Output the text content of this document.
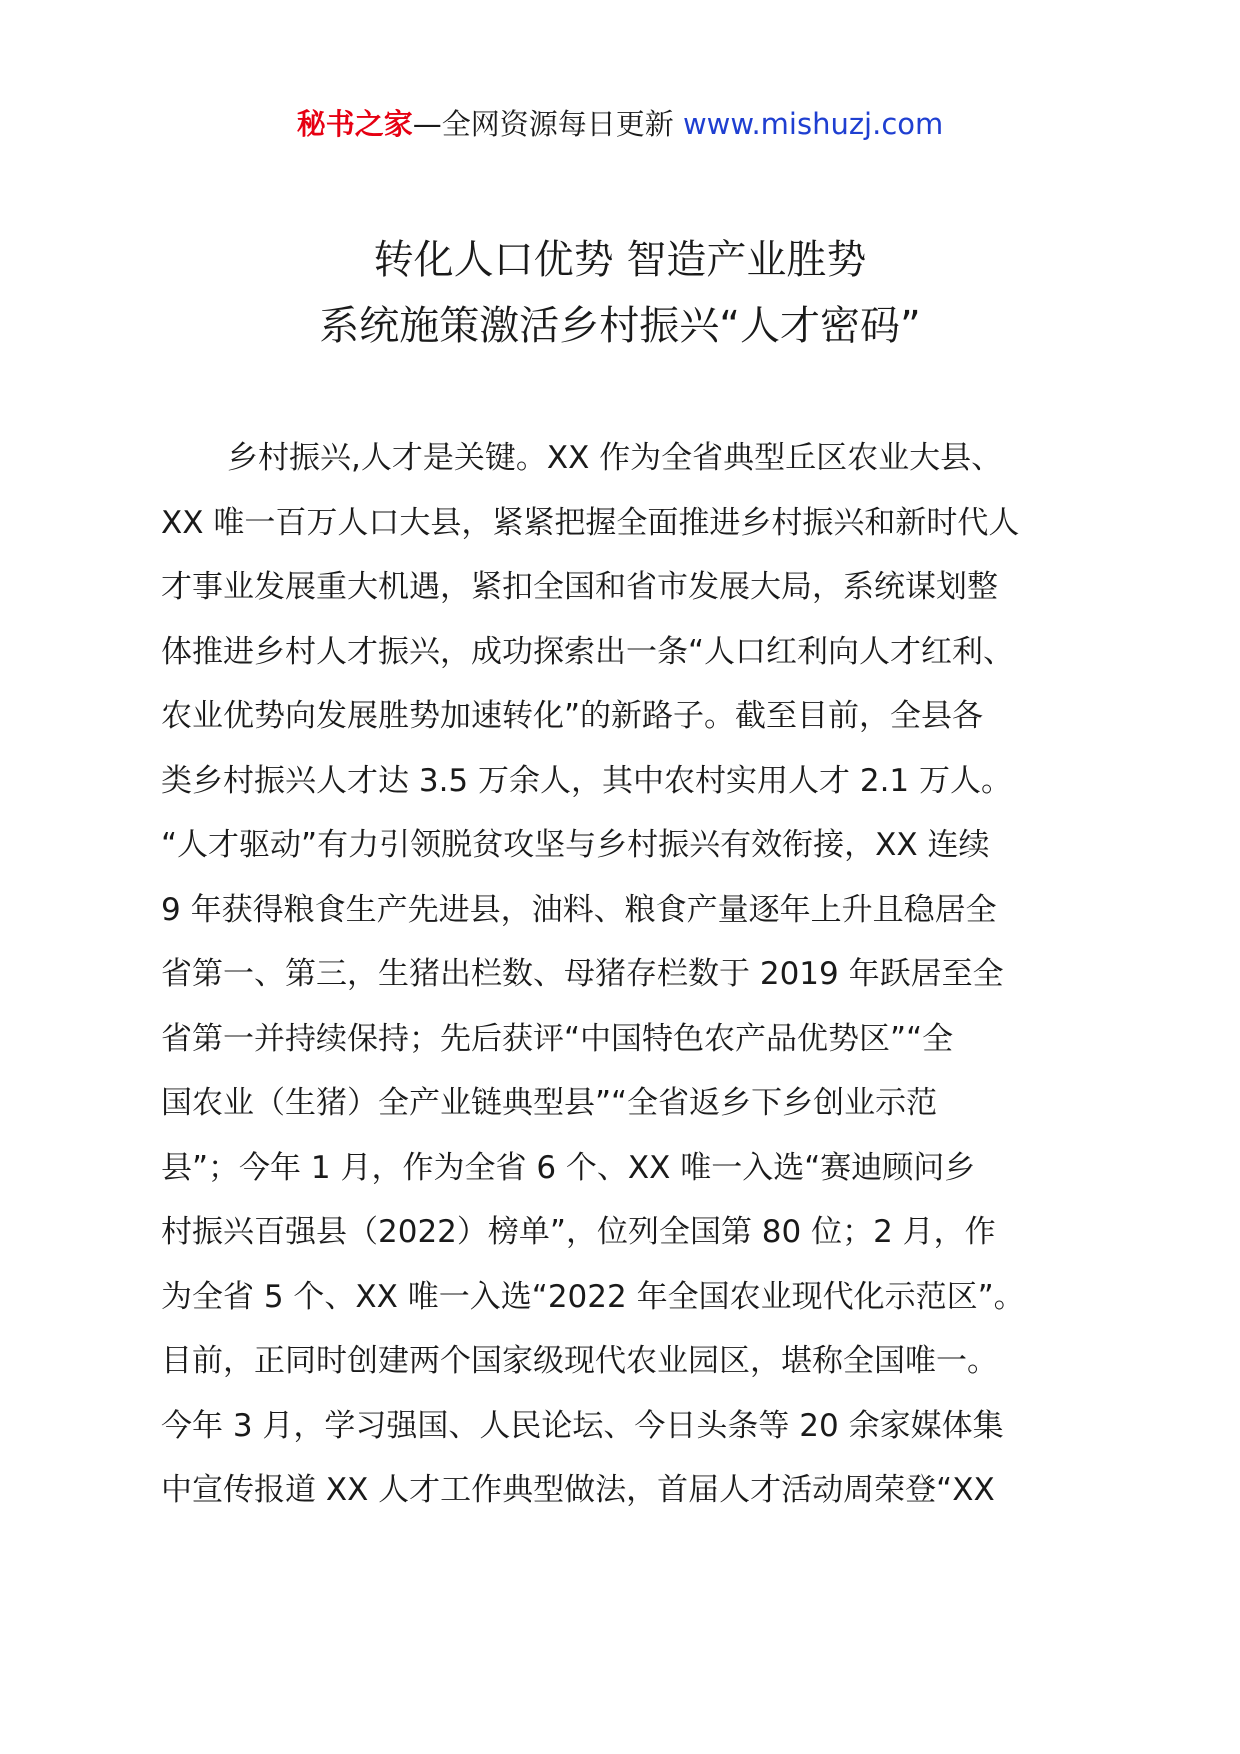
秘书之家—全网资源每日更新 www.mishuzj.com
转化人口优势 智造产业胜势
系统施策激活乡村振兴“人才密码”
乡村振兴,人才是关键。XX 作为全省典型丘区农业大县、
XX 唯一百万人口大县，紧紧把握全面推进乡村振兴和新时代人
才事业发展重大机遇，紧扣全国和省市发展大局，系统谋划整
体推进乡村人才振兴，成功探索出一条“人口红利向人才红利、
农业优势向发展胜势加速转化”的新路子。截至目前，全县各
类乡村振兴人才达 3.5 万余人，其中农村实用人才 2.1 万人。
“人才驱动”有力引领脱贫攻坚与乡村振兴有效衔接，XX 连续
9 年获得粮食生产先进县，油料、粮食产量逐年上升且稳居全
省第一、第三，生猪出栏数、母猪存栏数于 2019 年跃居至全
省第一并持续保持；先后获评“中国特色农产品优势区”“全
国农业（生猪）全产业链典型县”“全省返乡下乡创业示范
县”；今年 1 月，作为全省 6 个、XX 唯一入选“赛迪顾问乡
村振兴百强县（2022）榜单”，位列全国第 80 位；2 月，作
为全省 5 个、XX 唯一入选“2022 年全国农业现代化示范区”。
目前，正同时创建两个国家级现代农业园区，堪称全国唯一。
今年 3 月，学习强国、人民论坛、今日头条等 20 余家媒体集
中宣传报道 XX 人才工作典型做法，首届人才活动周荣登“XX
